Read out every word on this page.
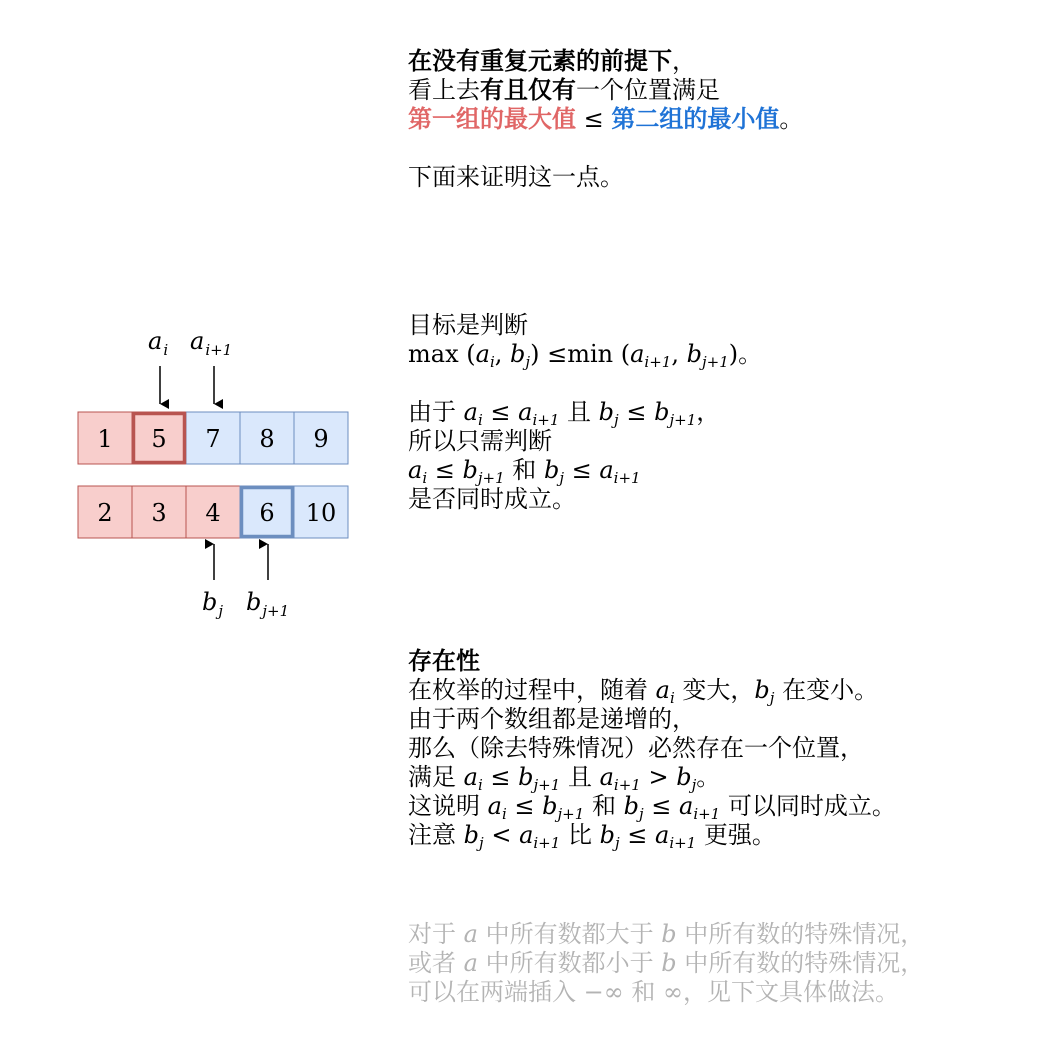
1 5 7 8 9
2 3 4 6 10
$a_i$ $a_{i+1}$
$b_j$ $b_{j+1}$
在没有重复元素的前提下，
看上去有且仅有一个位置满足
第一组的最大值 ≤ 第二组的最小值。
下面来证明这一点。
目标是判断
$\max (a_i$, $b_j) \le\min$ ($a_{i+1}$, $b_{j+1}$)。
由于 $a_i \le a_{i+1}$ 且 $b_j \le b_{j+1}$，
所以只需判断
$a_i \le b_{j+1}$ 和 $b_j \le a_{i+1}$
是否同时成立。
存在性
在枚举的过程中，随着 $a_i$ 变大，$b_j$ 在变小。
由于两个数组都是递增的，
那么（除去特殊情况）必然存在一个位置，
满足 $a_i \le b_{j+1}$ 且 $a_{i+1} > b_j$。
这说明 $a_i \le b_{j+1}$ 和 $b_j \le a_{i+1}$ 可以同时成立。
注意 $b_j < a_{i+1}$ 比 $b_j \le a_{i+1}$ 更强。
对于 a 中所有数都大于 b 中所有数的特殊情况，
或者 a 中所有数都小于 b 中所有数的特殊情况，
可以在两端插入 −∞ 和 ∞，见下文具体做法。
